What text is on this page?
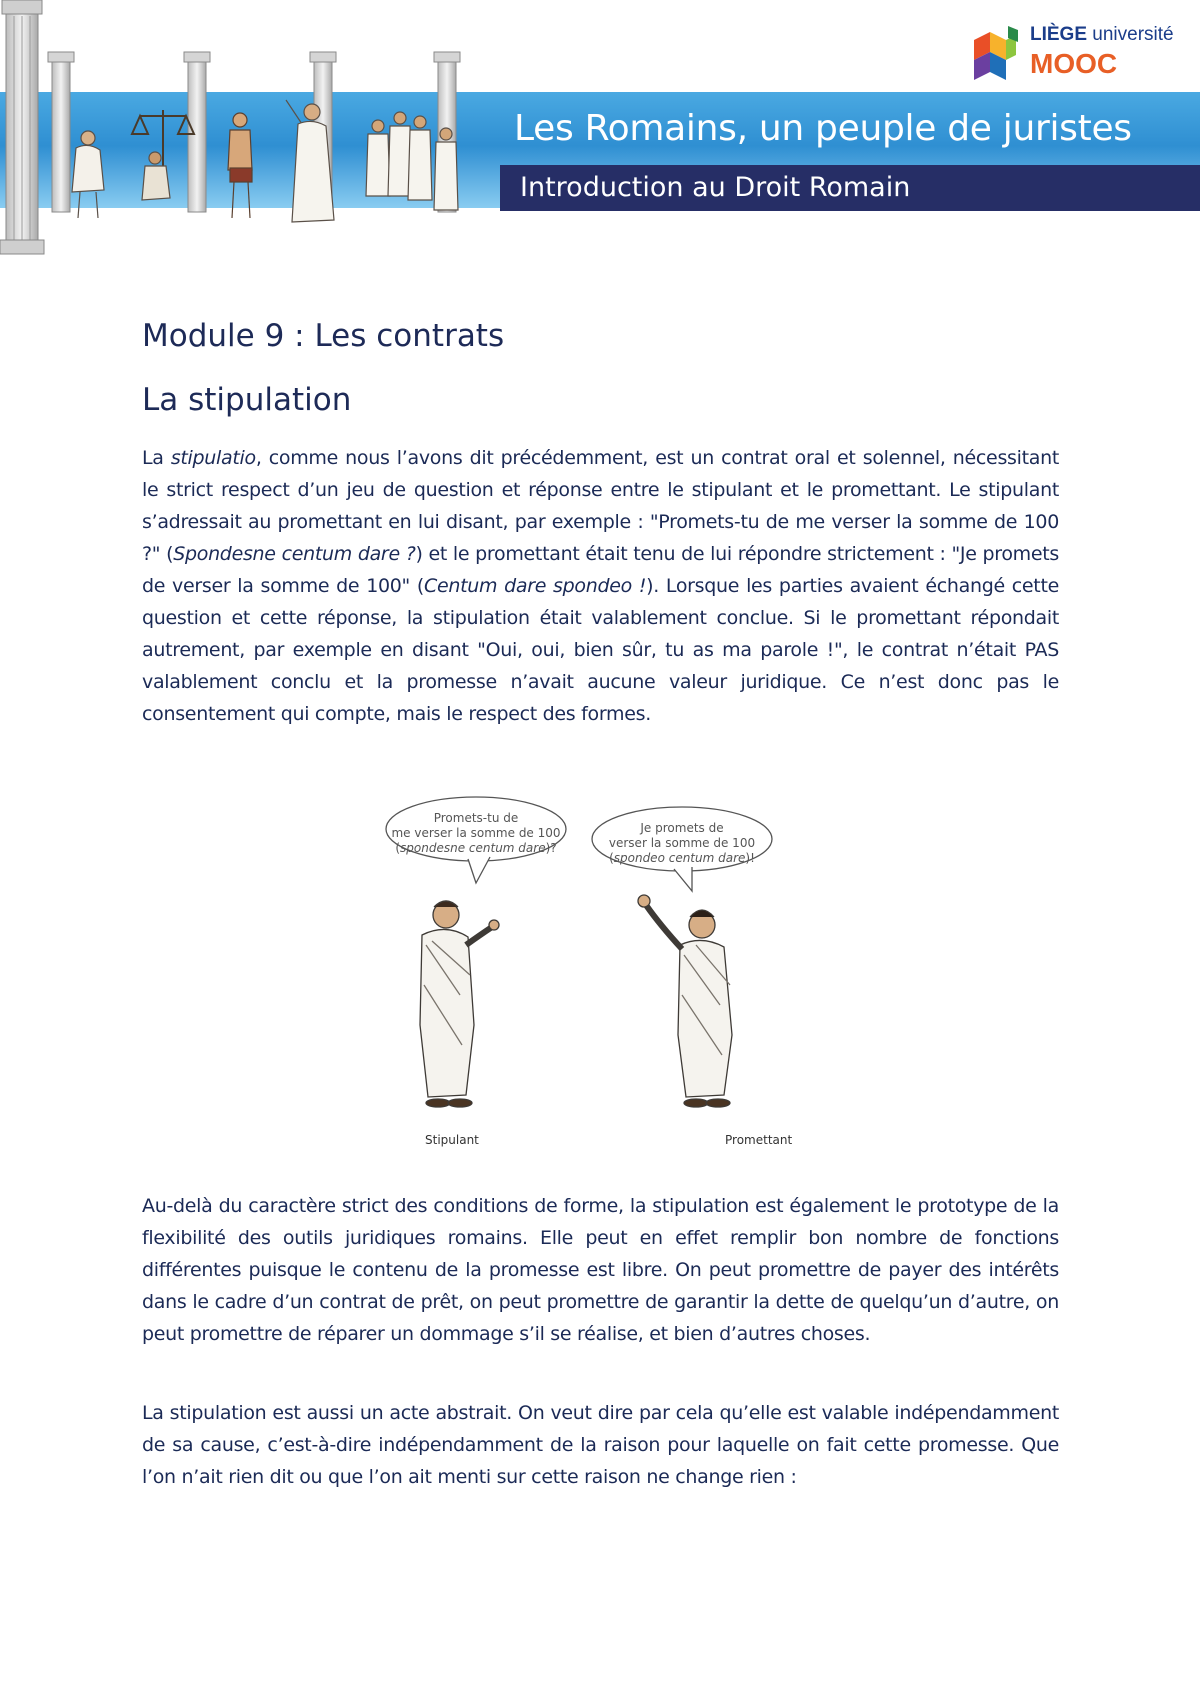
Les Romains, un peuple de juristes
Introduction au Droit Romain
LIÈGE université
MOOC
Module 9 : Les contrats
La stipulation

La stipulatio, comme nous l’avons dit précédemment, est un contrat oral et solennel, nécessitant le strict respect d’un jeu de question et réponse entre le stipulant et le promettant. Le stipulant s’adressait au promettant en lui disant, par exemple : "Promets-tu de me verser la somme de 100 ?" (Spondesne centum dare ?) et le promettant était tenu de lui répondre strictement : "Je promets de verser la somme de 100" (Centum dare spondeo !). Lorsque les parties avaient échangé cette question et cette réponse, la stipulation était valablement conclue. Si le promettant répondait autrement, par exemple en disant "Oui, oui, bien sûr, tu as ma parole !", le contrat n’était PAS valablement conclu et la promesse n’avait aucune valeur juridique. Ce n’est donc pas le consentement qui compte, mais le respect des formes.

Promets-tu de
me verser la somme de 100
(spondesne centum dare)?
Je promets de
verser la somme de 100
(spondeo centum dare)!
Stipulant	Promettant

Au-delà du caractère strict des conditions de forme, la stipulation est également le prototype de la flexibilité des outils juridiques romains. Elle peut en effet remplir bon nombre de fonctions différentes puisque le contenu de la promesse est libre. On peut promettre de payer des intérêts dans le cadre d’un contrat de prêt, on peut promettre de garantir la dette de quelqu’un d’autre, on peut promettre de réparer un dommage s’il se réalise, et bien d’autres choses.

La stipulation est aussi un acte abstrait. On veut dire par cela qu’elle est valable indépendamment de sa cause, c’est-à-dire indépendamment de la raison pour laquelle on fait cette promesse. Que l’on n’ait rien dit ou que l’on ait menti sur cette raison ne change rien :
